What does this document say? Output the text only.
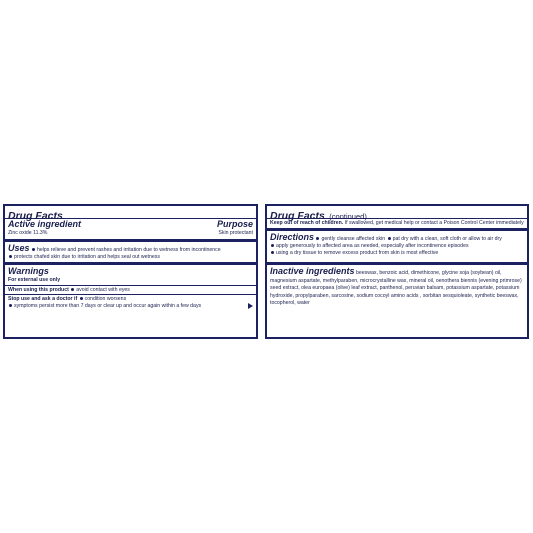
Drug Facts
Active ingredient	Purpose
Zinc oxide 11.3%	Skin protectant
Uses helps relieve and prevent rashes and irritation due to wetness from incontinence
protects chafed skin due to irritation and helps seal out wetness
Warnings
For external use only
When using this product avoid contact with eyes
Stop use and ask a doctor if condition worsens
symptoms persist more than 7 days or clear up and occur again within a few days
Drug Facts (continued)
Keep out of reach of children. If swallowed, get medical help or contact a Poison Control Center immediately
Directions gently cleanse affected skin pat dry with a clean, soft cloth or allow to air dry
apply generously to affected area as needed, especially after incontinence episodes
using a dry tissue to remove excess product from skin is most effective
Inactive ingredients beeswax, benzoic acid, dimethicone, glycine soja (soybean) oil, magnesium aspartate, methylparaben, microcrystalline wax, mineral oil, oenothera biennis (evening primrose) seed extract, olea europaea (olive) leaf extract, panthenol, peruvian balsam, potassium aspartate, potassium hydroxide, propylparaben, sarcosine, sodium cocoyl amino acids , sorbitan sesquioleate, synthetic beeswax, tocopherol, water
